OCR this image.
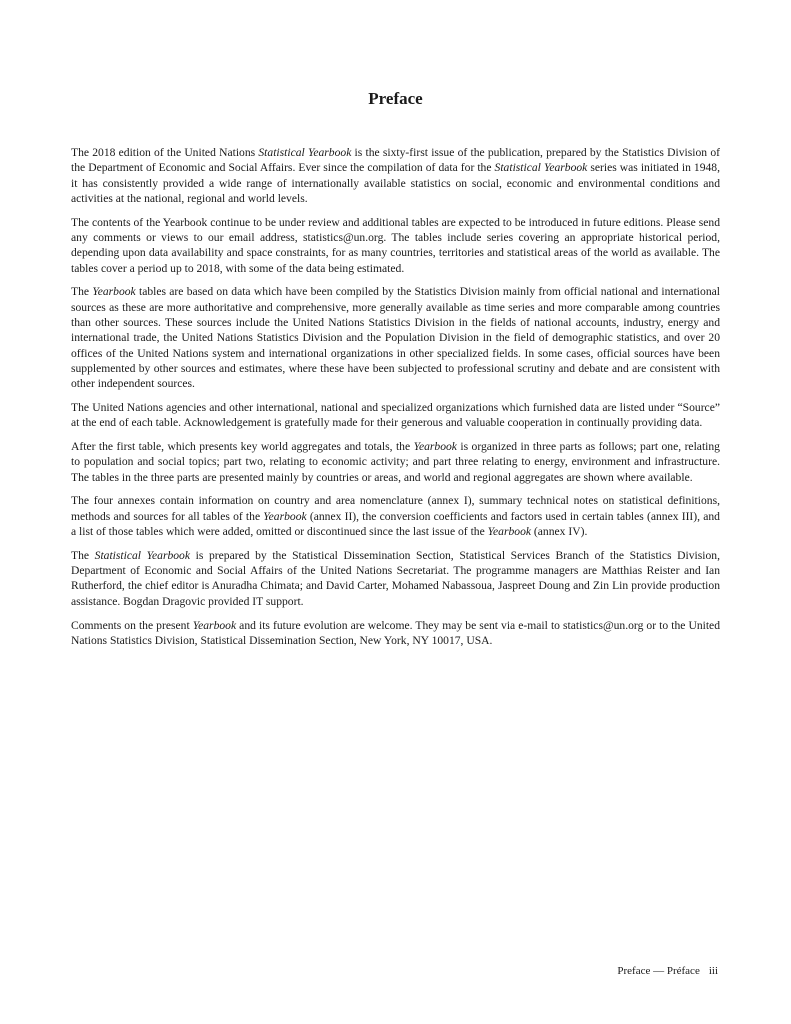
Preface

The 2018 edition of the United Nations Statistical Yearbook is the sixty-first issue of the publication, prepared by the Statistics Division of the Department of Economic and Social Affairs. Ever since the compilation of data for the Statistical Yearbook series was initiated in 1948, it has consistently provided a wide range of internationally available statistics on social, economic and environmental conditions and activities at the national, regional and world levels.

The contents of the Yearbook continue to be under review and additional tables are expected to be introduced in future editions. Please send any comments or views to our email address, statistics@un.org. The tables include series covering an appropriate historical period, depending upon data availability and space constraints, for as many countries, territories and statistical areas of the world as available. The tables cover a period up to 2018, with some of the data being estimated.

The Yearbook tables are based on data which have been compiled by the Statistics Division mainly from official national and international sources as these are more authoritative and comprehensive, more generally available as time series and more comparable among countries than other sources. These sources include the United Nations Statistics Division in the fields of national accounts, industry, energy and international trade, the United Nations Statistics Division and the Population Division in the field of demographic statistics, and over 20 offices of the United Nations system and international organizations in other specialized fields. In some cases, official sources have been supplemented by other sources and estimates, where these have been subjected to professional scrutiny and debate and are consistent with other independent sources.

The United Nations agencies and other international, national and specialized organizations which furnished data are listed under “Source” at the end of each table. Acknowledgement is gratefully made for their generous and valuable cooperation in continually providing data.

After the first table, which presents key world aggregates and totals, the Yearbook is organized in three parts as follows; part one, relating to population and social topics; part two, relating to economic activity; and part three relating to energy, environment and infrastructure. The tables in the three parts are presented mainly by countries or areas, and world and regional aggregates are shown where available.

The four annexes contain information on country and area nomenclature (annex I), summary technical notes on statistical definitions, methods and sources for all tables of the Yearbook (annex II), the conversion coefficients and factors used in certain tables (annex III), and a list of those tables which were added, omitted or discontinued since the last issue of the Yearbook (annex IV).

The Statistical Yearbook is prepared by the Statistical Dissemination Section, Statistical Services Branch of the Statistics Division, Department of Economic and Social Affairs of the United Nations Secretariat. The programme managers are Matthias Reister and Ian Rutherford, the chief editor is Anuradha Chimata; and David Carter, Mohamed Nabassoua, Jaspreet Doung and Zin Lin provide production assistance. Bogdan Dragovic provided IT support.

Comments on the present Yearbook and its future evolution are welcome. They may be sent via e-mail to statistics@un.org or to the United Nations Statistics Division, Statistical Dissemination Section, New York, NY 10017, USA.

Preface — Préface iii
